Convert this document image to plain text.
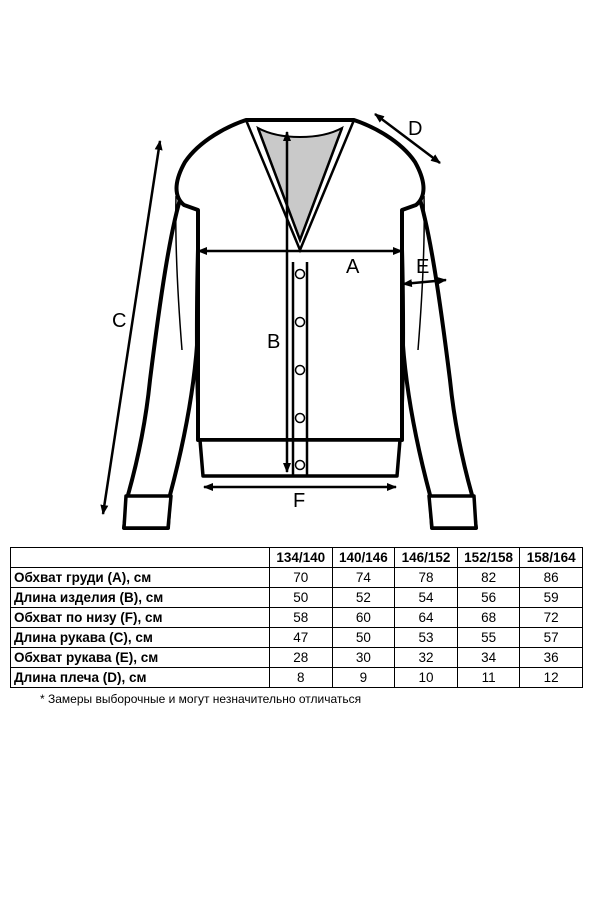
A
B
C
D
E
F
	134/140	140/146	146/152	152/158	158/164
Обхват груди (A), см	70	74	78	82	86
Длина изделия (B), см	50	52	54	56	59
Обхват по низу (F), см	58	60	64	68	72
Длина рукава (C), см	47	50	53	55	57
Обхват рукава (E), см	28	30	32	34	36
Длина плеча (D), см	8	9	10	11	12
* Замеры выборочные и могут незначительно отличаться
